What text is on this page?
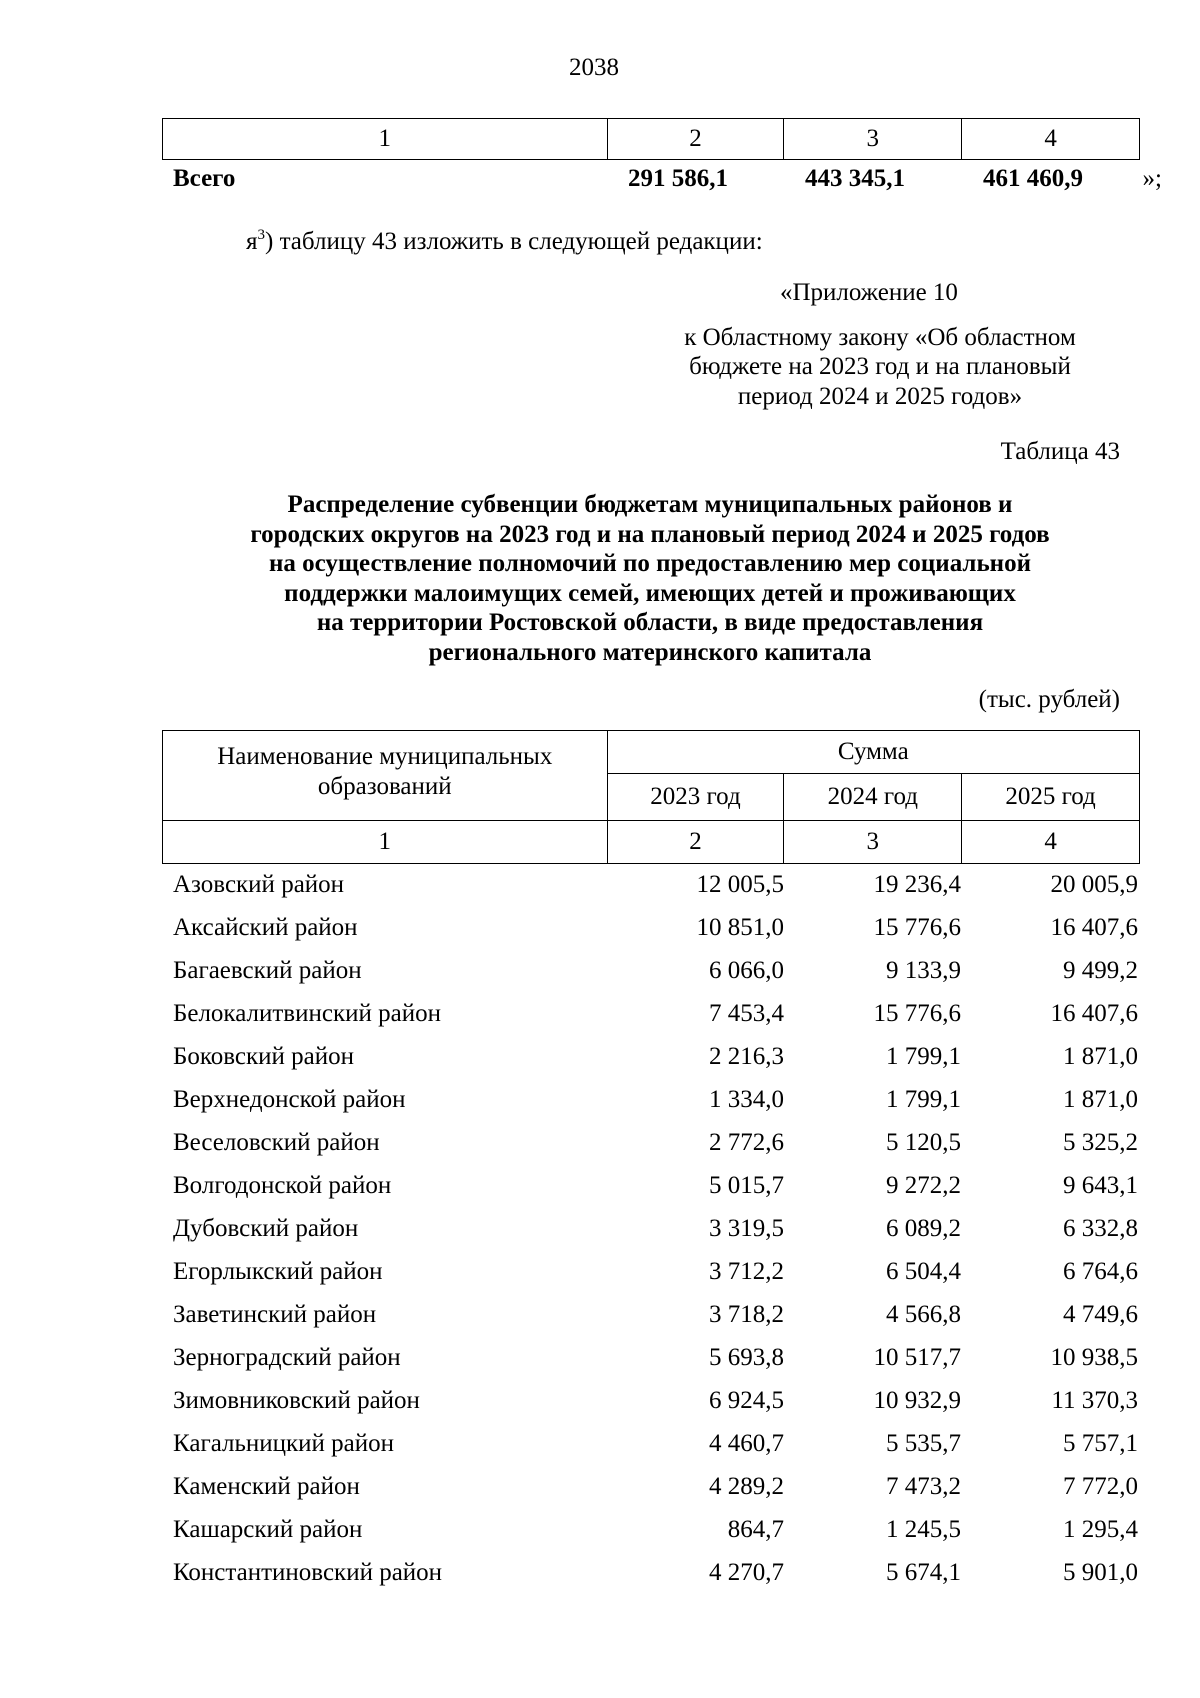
2038
1	2	3	4
Всего	291 586,1	443 345,1	461 460,9 »;
$я^3$) таблицу 43 изложить в следующей редакции:
«Приложение 10
к Областному закону «Об областном
бюджете на 2023 год и на плановый
период 2024 и 2025 годов»
Таблица 43
Распределение субвенции бюджетам муниципальных районов и
городских округов на 2023 год и на плановый период 2024 и 2025 годов
на осуществление полномочий по предоставлению мер социальной
поддержки малоимущих семей, имеющих детей и проживающих
на территории Ростовской области, в виде предоставления
регионального материнского капитала
(тыс. рублей)
Наименование муниципальных
образований	Сумма		
	2023 год	2024 год	2025 год
1	2	3	4
Азовский район	12 005,5	19 236,4	20 005,9
Аксайский район	10 851,0	15 776,6	16 407,6
Багаевский район	6 066,0	9 133,9	9 499,2
Белокалитвинский район	7 453,4	15 776,6	16 407,6
Боковский район	2 216,3	1 799,1	1 871,0
Верхнедонской район	1 334,0	1 799,1	1 871,0
Веселовский район	2 772,6	5 120,5	5 325,2
Волгодонской район	5 015,7	9 272,2	9 643,1
Дубовский район	3 319,5	6 089,2	6 332,8
Егорлыкский район	3 712,2	6 504,4	6 764,6
Заветинский район	3 718,2	4 566,8	4 749,6
Зерноградский район	5 693,8	10 517,7	10 938,5
Зимовниковский район	6 924,5	10 932,9	11 370,3
Кагальницкий район	4 460,7	5 535,7	5 757,1
Каменский район	4 289,2	7 473,2	7 772,0
Кашарский район	864,7	1 245,5	1 295,4
Константиновский район	4 270,7	5 674,1	5 901,0
